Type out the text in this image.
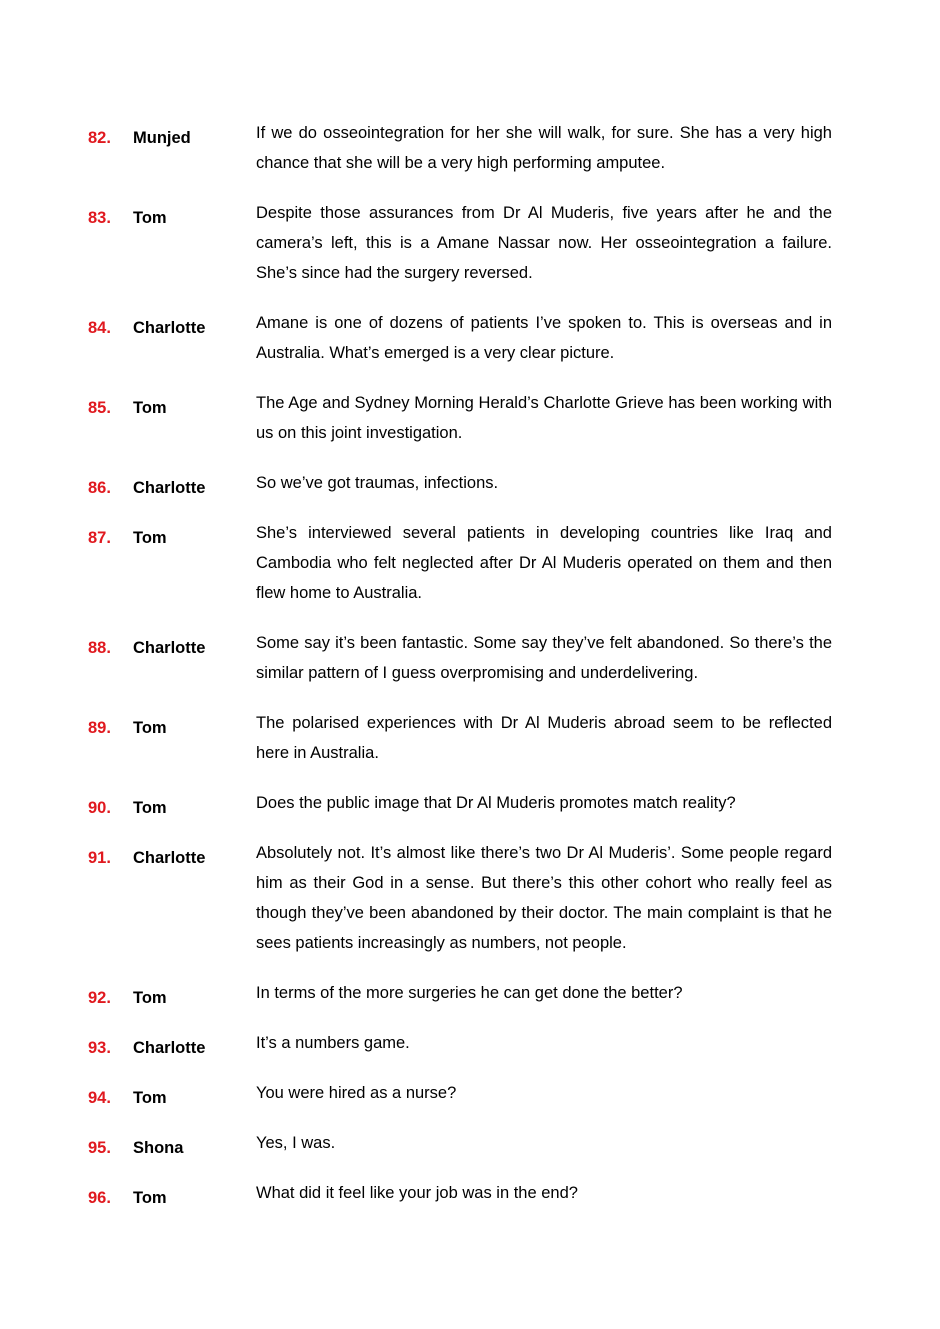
82. Munjed	If we do osseointegration for her she will walk, for sure. She has a very high chance that she will be a very high performing amputee.
83. Tom	Despite those assurances from Dr Al Muderis, five years after he and the camera’s left, this is a Amane Nassar now. Her osseointegration a failure. She’s since had the surgery reversed.
84. Charlotte	Amane is one of dozens of patients I’ve spoken to. This is overseas and in Australia. What’s emerged is a very clear picture.
85. Tom	The Age and Sydney Morning Herald’s Charlotte Grieve has been working with us on this joint investigation.
86. Charlotte	So we’ve got traumas, infections.
87. Tom	She’s interviewed several patients in developing countries like Iraq and Cambodia who felt neglected after Dr Al Muderis operated on them and then flew home to Australia.
88. Charlotte	Some say it’s been fantastic. Some say they’ve felt abandoned. So there’s the similar pattern of I guess overpromising and underdelivering.
89. Tom	The polarised experiences with Dr Al Muderis abroad seem to be reflected here in Australia.
90. Tom	Does the public image that Dr Al Muderis promotes match reality?
91. Charlotte	Absolutely not. It’s almost like there’s two Dr Al Muderis’. Some people regard him as their God in a sense. But there’s this other cohort who really feel as though they’ve been abandoned by their doctor. The main complaint is that he sees patients increasingly as numbers, not people.
92. Tom	In terms of the more surgeries he can get done the better?
93. Charlotte	It’s a numbers game.
94. Tom	You were hired as a nurse?
95. Shona	Yes, I was.
96. Tom	What did it feel like your job was in the end?
